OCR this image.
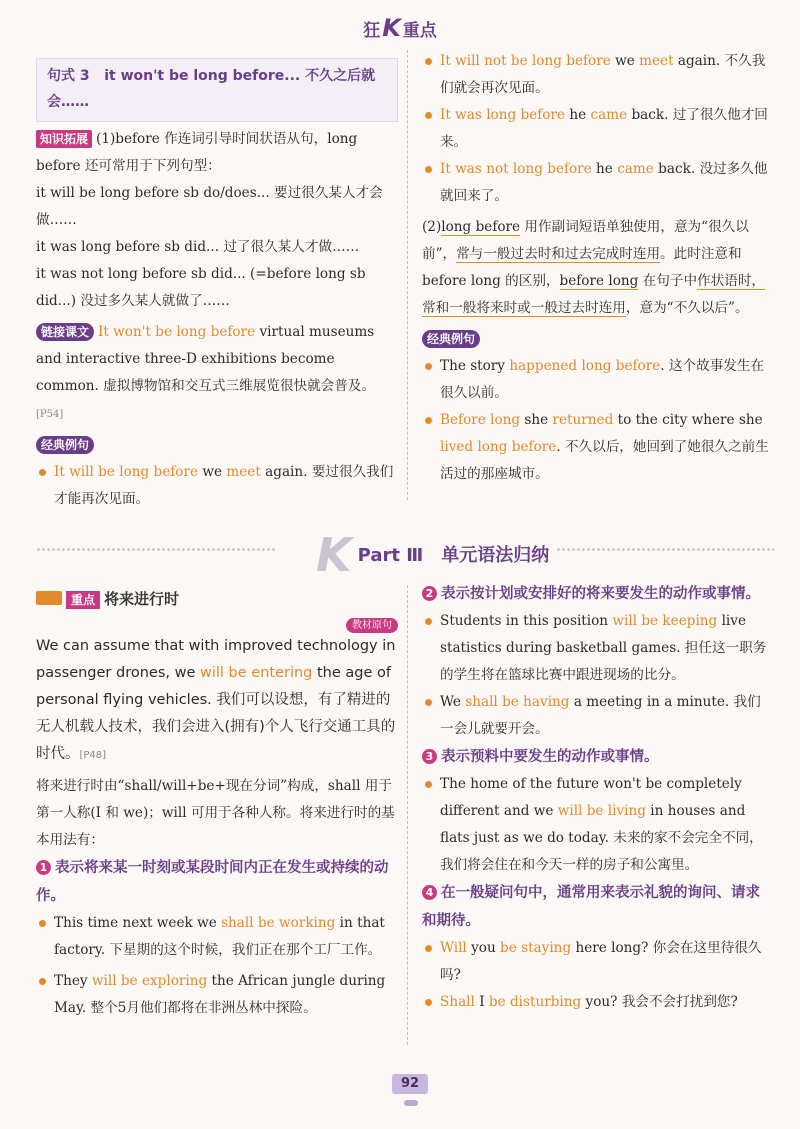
狂K 重点
句式 3 it won't be long before... 不久之后就会……

知识拓展 (1)before 作连词引导时间状语从句，long before 还可常用于下列句型：

it will be long before sb do/does... 要过很久某人才会做……

it was long before sb did... 过了很久某人才做……

it was not long before sb did... (=before long sb did...) 没过多久某人就做了……

链接课文 It won't be long before virtual museums and interactive three-D exhibitions become common. 虚拟博物馆和交互式三维展览很快就会普及。[P54]

经典例句

It will be long before we meet again. 要过很久我们才能再次见面。

It will not be long before we meet again. 不久我们就会再次见面。

It was long before he came back. 过了很久他才回来。

It was not long before he came back. 没过多久他就回来了。

(2)long before 用作副词短语单独使用，意为“很久以前”，常与一般过去时和过去完成时连用。此时注意和 before long 的区别，before long 在句子中作状语时，常和一般将来时或一般过去时连用，意为“不久以后”。

经典例句

The story happened long before. 这个故事发生在很久以前。

Before long she returned to the city where she lived long before. 不久以后，她回到了她很久之前生活过的那座城市。

K Part Ⅲ　单元语法归纳
重点 将来进行时
教材原句

We can assume that with improved technology in passenger drones, we will be entering the age of personal flying vehicles. 我们可以设想，有了精进的无人机载人技术，我们会进入(拥有)个人飞行交通工具的时代。[P48]

将来进行时由“shall/will+be+现在分词”构成，shall 用于第一人称(I 和 we)；will 可用于各种人称。将来进行时的基本用法有：

1 表示将来某一时刻或某段时间内正在发生或持续的动作。

This time next week we shall be working in that factory. 下星期的这个时候，我们正在那个工厂工作。

They will be exploring the African jungle during May. 整个5月他们都将在非洲丛林中探险。

2 表示按计划或安排好的将来要发生的动作或事情。

Students in this position will be keeping live statistics during basketball games. 担任这一职务的学生将在篮球比赛中跟进现场的比分。

We shall be having a meeting in a minute. 我们一会儿就要开会。

3 表示预料中要发生的动作或事情。

The home of the future won't be completely different and we will be living in houses and flats just as we do today. 未来的家不会完全不同，我们将会住在和今天一样的房子和公寓里。

4 在一般疑问句中，通常用来表示礼貌的询问、请求和期待。

Will you be staying here long? 你会在这里待很久吗?

Shall I be disturbing you? 我会不会打扰到您?

92
